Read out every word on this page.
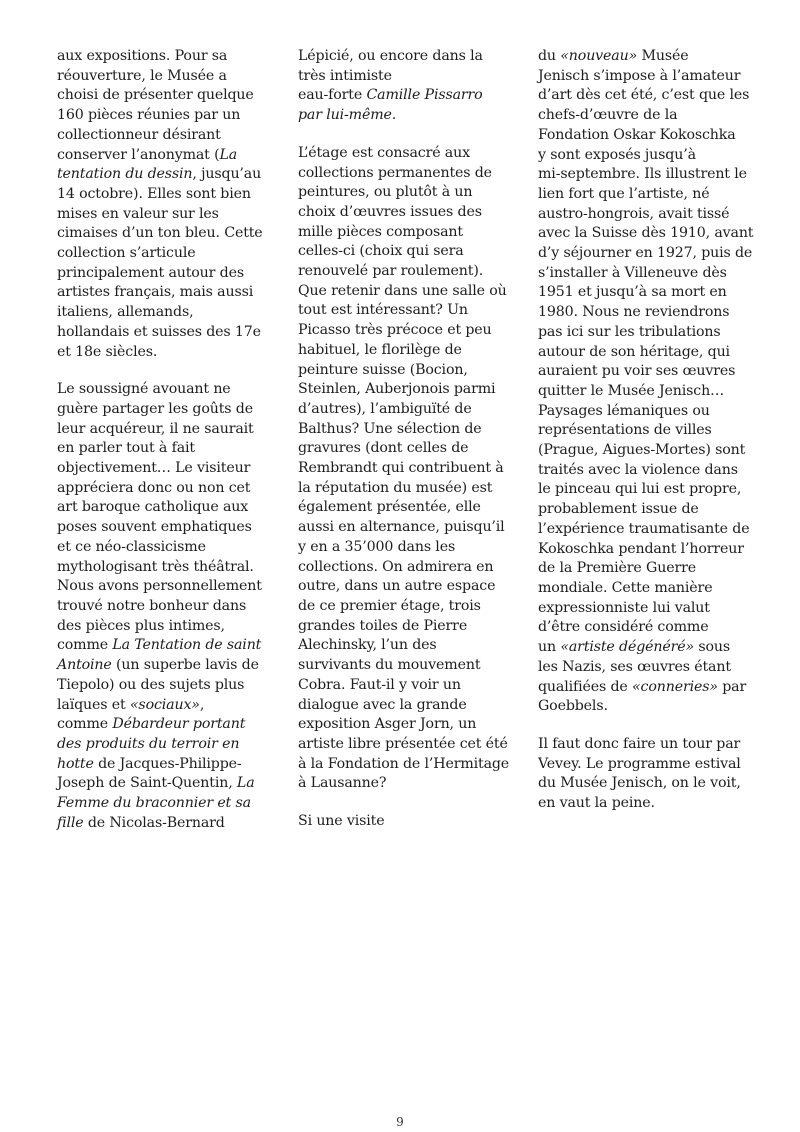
aux expositions. Pour sa
réouverture, le Musée a
choisi de présenter quelque
160 pièces réunies par un
collectionneur désirant
conserver l’anonymat (La
tentation du dessin, jusqu’au
14 octobre). Elles sont bien
mises en valeur sur les
cimaises d’un ton bleu. Cette
collection s’articule
principalement autour des
artistes français, mais aussi
italiens, allemands,
hollandais et suisses des 17e
et 18e siècles.

Le soussigné avouant ne
guère partager les goûts de
leur acquéreur, il ne saurait
en parler tout à fait
objectivement… Le visiteur
appréciera donc ou non cet
art baroque catholique aux
poses souvent emphatiques
et ce néo-classicisme
mythologisant très théâtral.
Nous avons personnellement
trouvé notre bonheur dans
des pièces plus intimes,
comme La Tentation de saint
Antoine (un superbe lavis de
Tiepolo) ou des sujets plus
laïques et «sociaux»,
comme Débardeur portant
des produits du terroir en
hotte de Jacques-Philippe-
Joseph de Saint-Quentin, La
Femme du braconnier et sa
fille de Nicolas-Bernard

Lépicié, ou encore dans la
très intimiste
eau-forte Camille Pissarro
par lui-même.

L’étage est consacré aux
collections permanentes de
peintures, ou plutôt à un
choix d’œuvres issues des
mille pièces composant
celles-ci (choix qui sera
renouvelé par roulement).
Que retenir dans une salle où
tout est intéressant? Un
Picasso très précoce et peu
habituel, le florilège de
peinture suisse (Bocion,
Steinlen, Auberjonois parmi
d’autres), l’ambiguïté de
Balthus? Une sélection de
gravures (dont celles de
Rembrandt qui contribuent à
la réputation du musée) est
également présentée, elle
aussi en alternance, puisqu’il
y en a 35’000 dans les
collections. On admirera en
outre, dans un autre espace
de ce premier étage, trois
grandes toiles de Pierre
Alechinsky, l’un des
survivants du mouvement
Cobra. Faut-il y voir un
dialogue avec la grande
exposition Asger Jorn, un
artiste libre présentée cet été
à la Fondation de l’Hermitage
à Lausanne?

Si une visite

du «nouveau» Musée
Jenisch s’impose à l’amateur
d’art dès cet été, c’est que les
chefs-d’œuvre de la
Fondation Oskar Kokoschka
y sont exposés jusqu’à
mi-septembre. Ils illustrent le
lien fort que l’artiste, né
austro-hongrois, avait tissé
avec la Suisse dès 1910, avant
d’y séjourner en 1927, puis de
s’installer à Villeneuve dès
1951 et jusqu’à sa mort en
1980. Nous ne reviendrons
pas ici sur les tribulations
autour de son héritage, qui
auraient pu voir ses œuvres
quitter le Musée Jenisch…
Paysages lémaniques ou
représentations de villes
(Prague, Aigues-Mortes) sont
traités avec la violence dans
le pinceau qui lui est propre,
probablement issue de
l’expérience traumatisante de
Kokoschka pendant l’horreur
de la Première Guerre
mondiale. Cette manière
expressionniste lui valut
d’être considéré comme
un «artiste dégénéré» sous
les Nazis, ses œuvres étant
qualifiées de «conneries» par
Goebbels.

Il faut donc faire un tour par
Vevey. Le programme estival
du Musée Jenisch, on le voit,
en vaut la peine.

9
